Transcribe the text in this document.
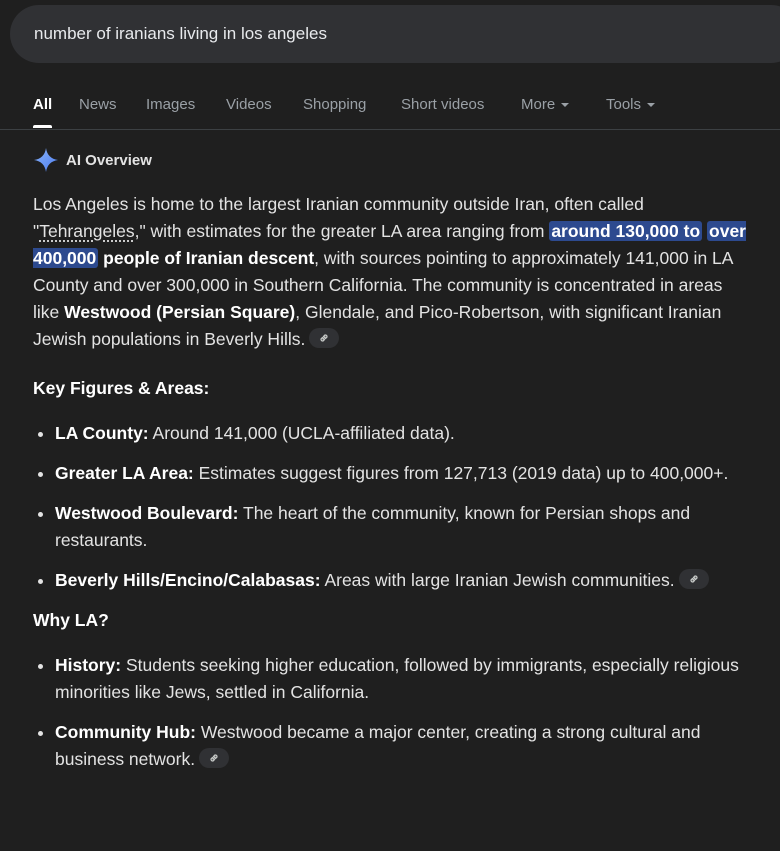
number of iranians living in los angeles
All News Images Videos Shopping Short videos More	Tools
AI Overview

Los Angeles is home to the largest Iranian community outside Iran, often called "Tehrangeles," with estimates for the greater LA area ranging from around 130,000 to over 400,000 people of Iranian descent, with sources pointing to approximately 141,000 in LA County and over 300,000 in Southern California. The community is concentrated in areas like Westwood (Persian Square), Glendale, and Pico-Robertson, with significant Iranian Jewish populations in Beverly Hills.

Key Figures & Areas:

• LA County: Around 141,000 (UCLA-affiliated data).
• Greater LA Area: Estimates suggest figures from 127,713 (2019 data) up to 400,000+.
• Westwood Boulevard: The heart of the community, known for Persian shops and restaurants.
• Beverly Hills/Encino/Calabasas: Areas with large Iranian Jewish communities.

Why LA?

• History: Students seeking higher education, followed by immigrants, especially religious minorities like Jews, settled in California.
• Community Hub: Westwood became a major center, creating a strong cultural and business network.
